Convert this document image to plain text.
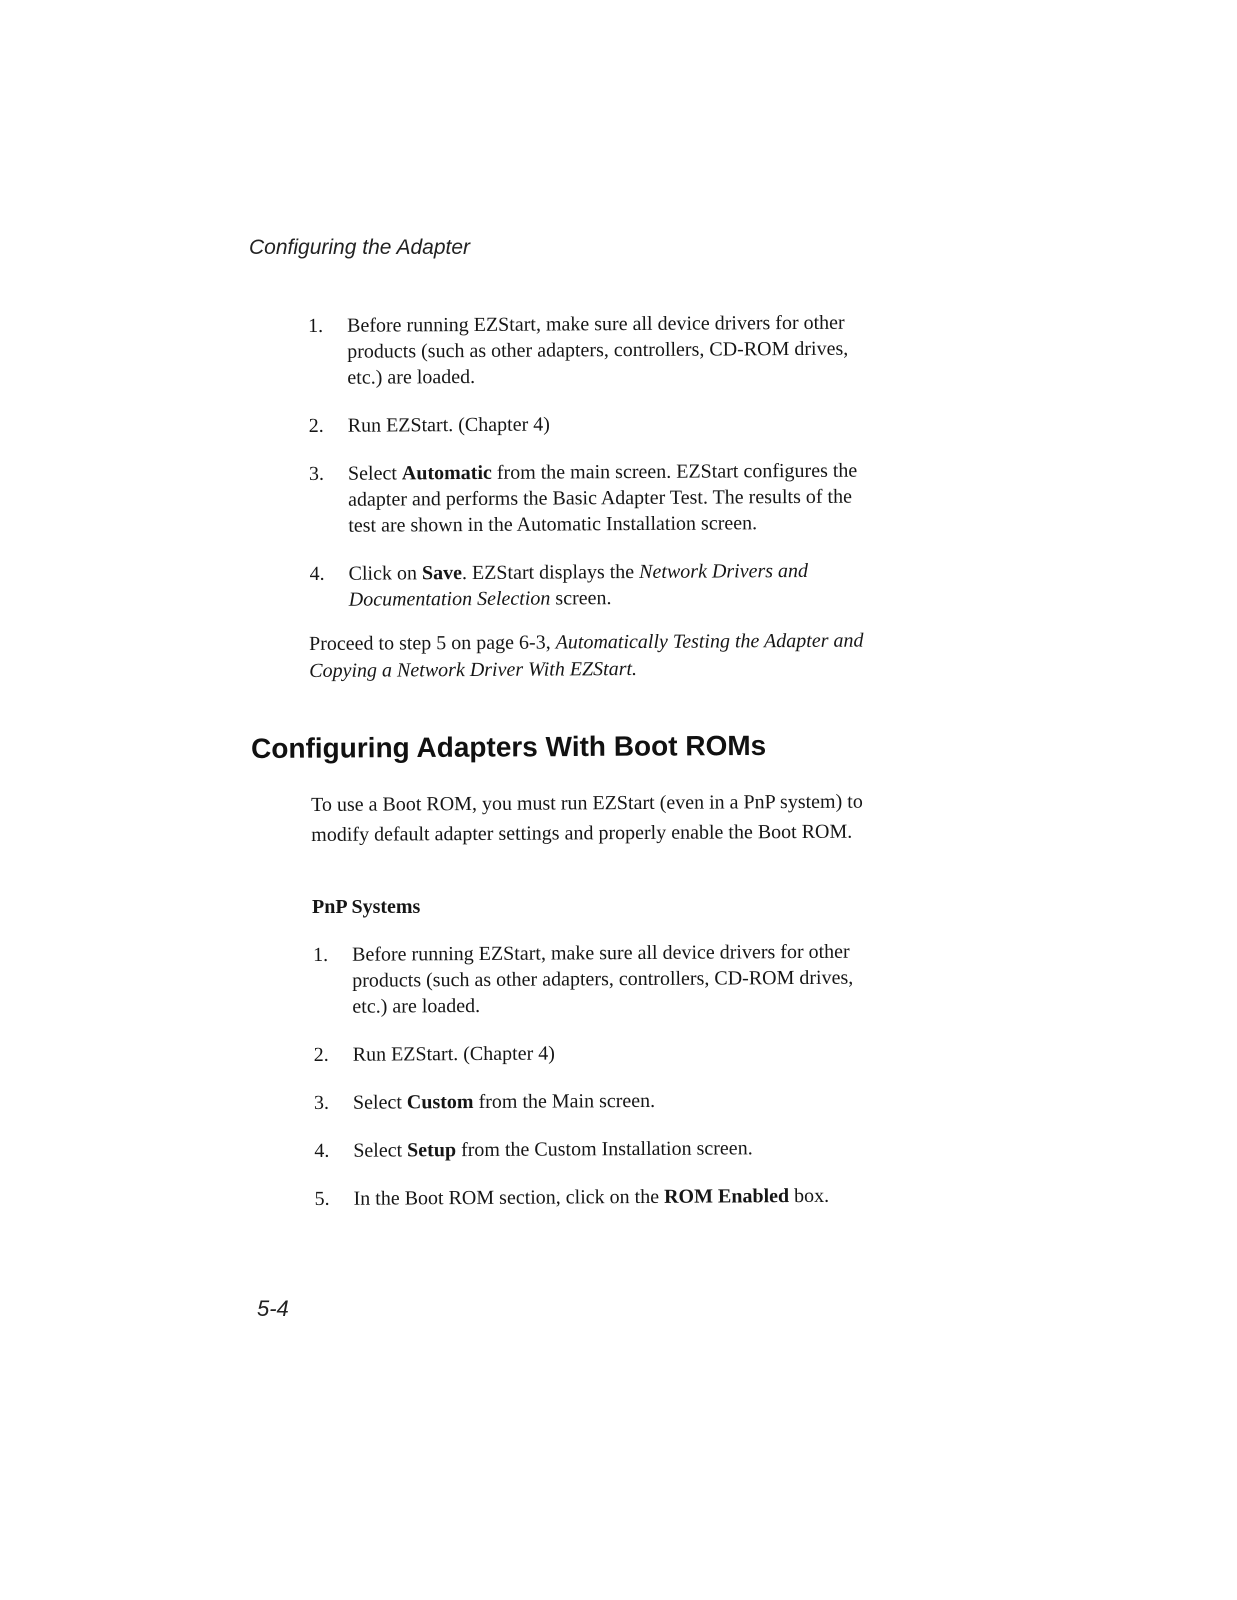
Configuring the Adapter
1. Before running EZStart, make sure all device drivers for other products (such as other adapters, controllers, CD-ROM drives, etc.) are loaded.
2. Run EZStart. (Chapter 4)
3. Select Automatic from the main screen. EZStart configures the adapter and performs the Basic Adapter Test. The results of the test are shown in the Automatic Installation screen.
4. Click on Save. EZStart displays the Network Drivers and Documentation Selection screen.

Proceed to step 5 on page 6-3, Automatically Testing the Adapter and Copying a Network Driver With EZStart.

Configuring Adapters With Boot ROMs

To use a Boot ROM, you must run EZStart (even in a PnP system) to modify default adapter settings and properly enable the Boot ROM.

PnP Systems
1. Before running EZStart, make sure all device drivers for other products (such as other adapters, controllers, CD-ROM drives, etc.) are loaded.
2. Run EZStart. (Chapter 4)
3. Select Custom from the Main screen.
4. Select Setup from the Custom Installation screen.
5. In the Boot ROM section, click on the ROM Enabled box.
5-4
